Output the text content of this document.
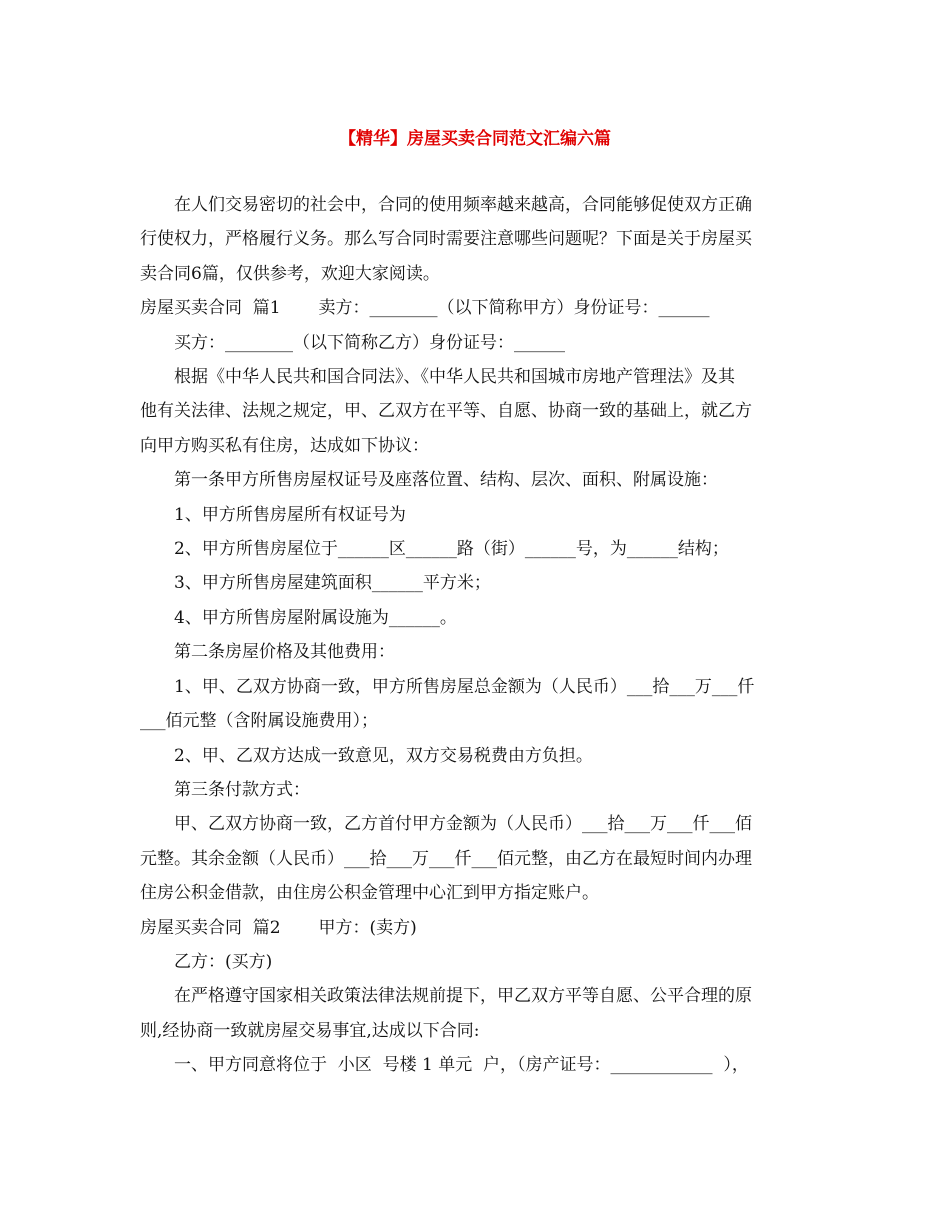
【精华】房屋买卖合同范文汇编六篇

在人们交易密切的社会中，合同的使用频率越来越高，合同能够促使双方正确

行使权力，严格履行义务。那么写合同时需要注意哪些问题呢？下面是关于房屋买

卖合同6篇，仅供参考，欢迎大家阅读。

房屋买卖合同  篇1       卖方：________（以下简称甲方）身份证号：______

买方：________（以下简称乙方）身份证号：______

根据《中华人民共和国合同法》、《中华人民共和国城市房地产管理法》及其

他有关法律、法规之规定，甲、乙双方在平等、自愿、协商一致的基础上，就乙方

向甲方购买私有住房，达成如下协议：

第一条甲方所售房屋权证号及座落位置、结构、层次、面积、附属设施：

1、甲方所售房屋所有权证号为

2、甲方所售房屋位于______区______路（街）______号，为______结构；

3、甲方所售房屋建筑面积______平方米；

4、甲方所售房屋附属设施为______。

第二条房屋价格及其他费用：

1、甲、乙双方协商一致，甲方所售房屋总金额为（人民币）___拾___万___仟

___佰元整（含附属设施费用）；

2、甲、乙双方达成一致意见，双方交易税费由方负担。

第三条付款方式：

甲、乙双方协商一致，乙方首付甲方金额为（人民币）___拾___万___仟___佰

元整。其余金额（人民币）___拾___万___仟___佰元整，由乙方在最短时间内办理

住房公积金借款，由住房公积金管理中心汇到甲方指定账户。

房屋买卖合同  篇2       甲方：(卖方)

乙方：(买方)

在严格遵守国家相关政策法律法规前提下，甲乙双方平等自愿、公平合理的原

则,经协商一致就房屋交易事宜,达成以下合同:

一、甲方同意将位于  小区  号楼 1 单元  户，（房产证号：____________  ），
